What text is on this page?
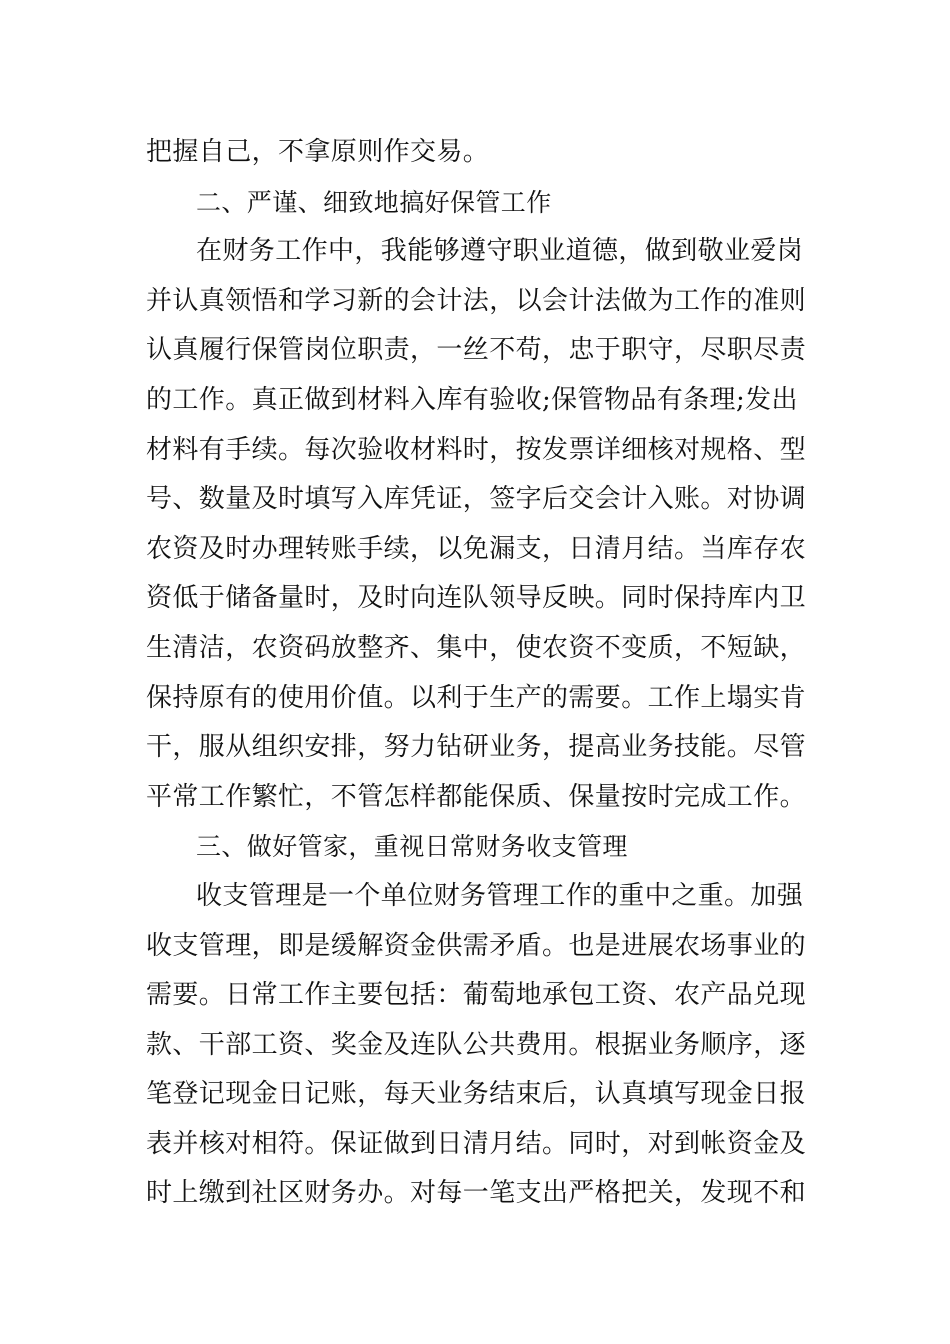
把握自己，不拿原则作交易。
二、严谨、细致地搞好保管工作
在财务工作中，我能够遵守职业道德，做到敬业爱岗
并认真领悟和学习新的会计法，以会计法做为工作的准则
认真履行保管岗位职责，一丝不苟，忠于职守，尽职尽责
的工作。真正做到材料入库有验收;保管物品有条理;发出
材料有手续。每次验收材料时，按发票详细核对规格、型
号、数量及时填写入库凭证，签字后交会计入账。对协调
农资及时办理转账手续，以免漏支，日清月结。当库存农
资低于储备量时，及时向连队领导反映。同时保持库内卫
生清洁，农资码放整齐、集中，使农资不变质，不短缺，
保持原有的使用价值。以利于生产的需要。工作上塌实肯
干，服从组织安排，努力钻研业务，提高业务技能。尽管
平常工作繁忙，不管怎样都能保质、保量按时完成工作。
三、做好管家，重视日常财务收支管理
收支管理是一个单位财务管理工作的重中之重。加强
收支管理，即是缓解资金供需矛盾。也是进展农场事业的
需要。日常工作主要包括：葡萄地承包工资、农产品兑现
款、干部工资、奖金及连队公共费用。根据业务顺序，逐
笔登记现金日记账，每天业务结束后，认真填写现金日报
表并核对相符。保证做到日清月结。同时，对到帐资金及
时上缴到社区财务办。对每一笔支出严格把关，发现不和
